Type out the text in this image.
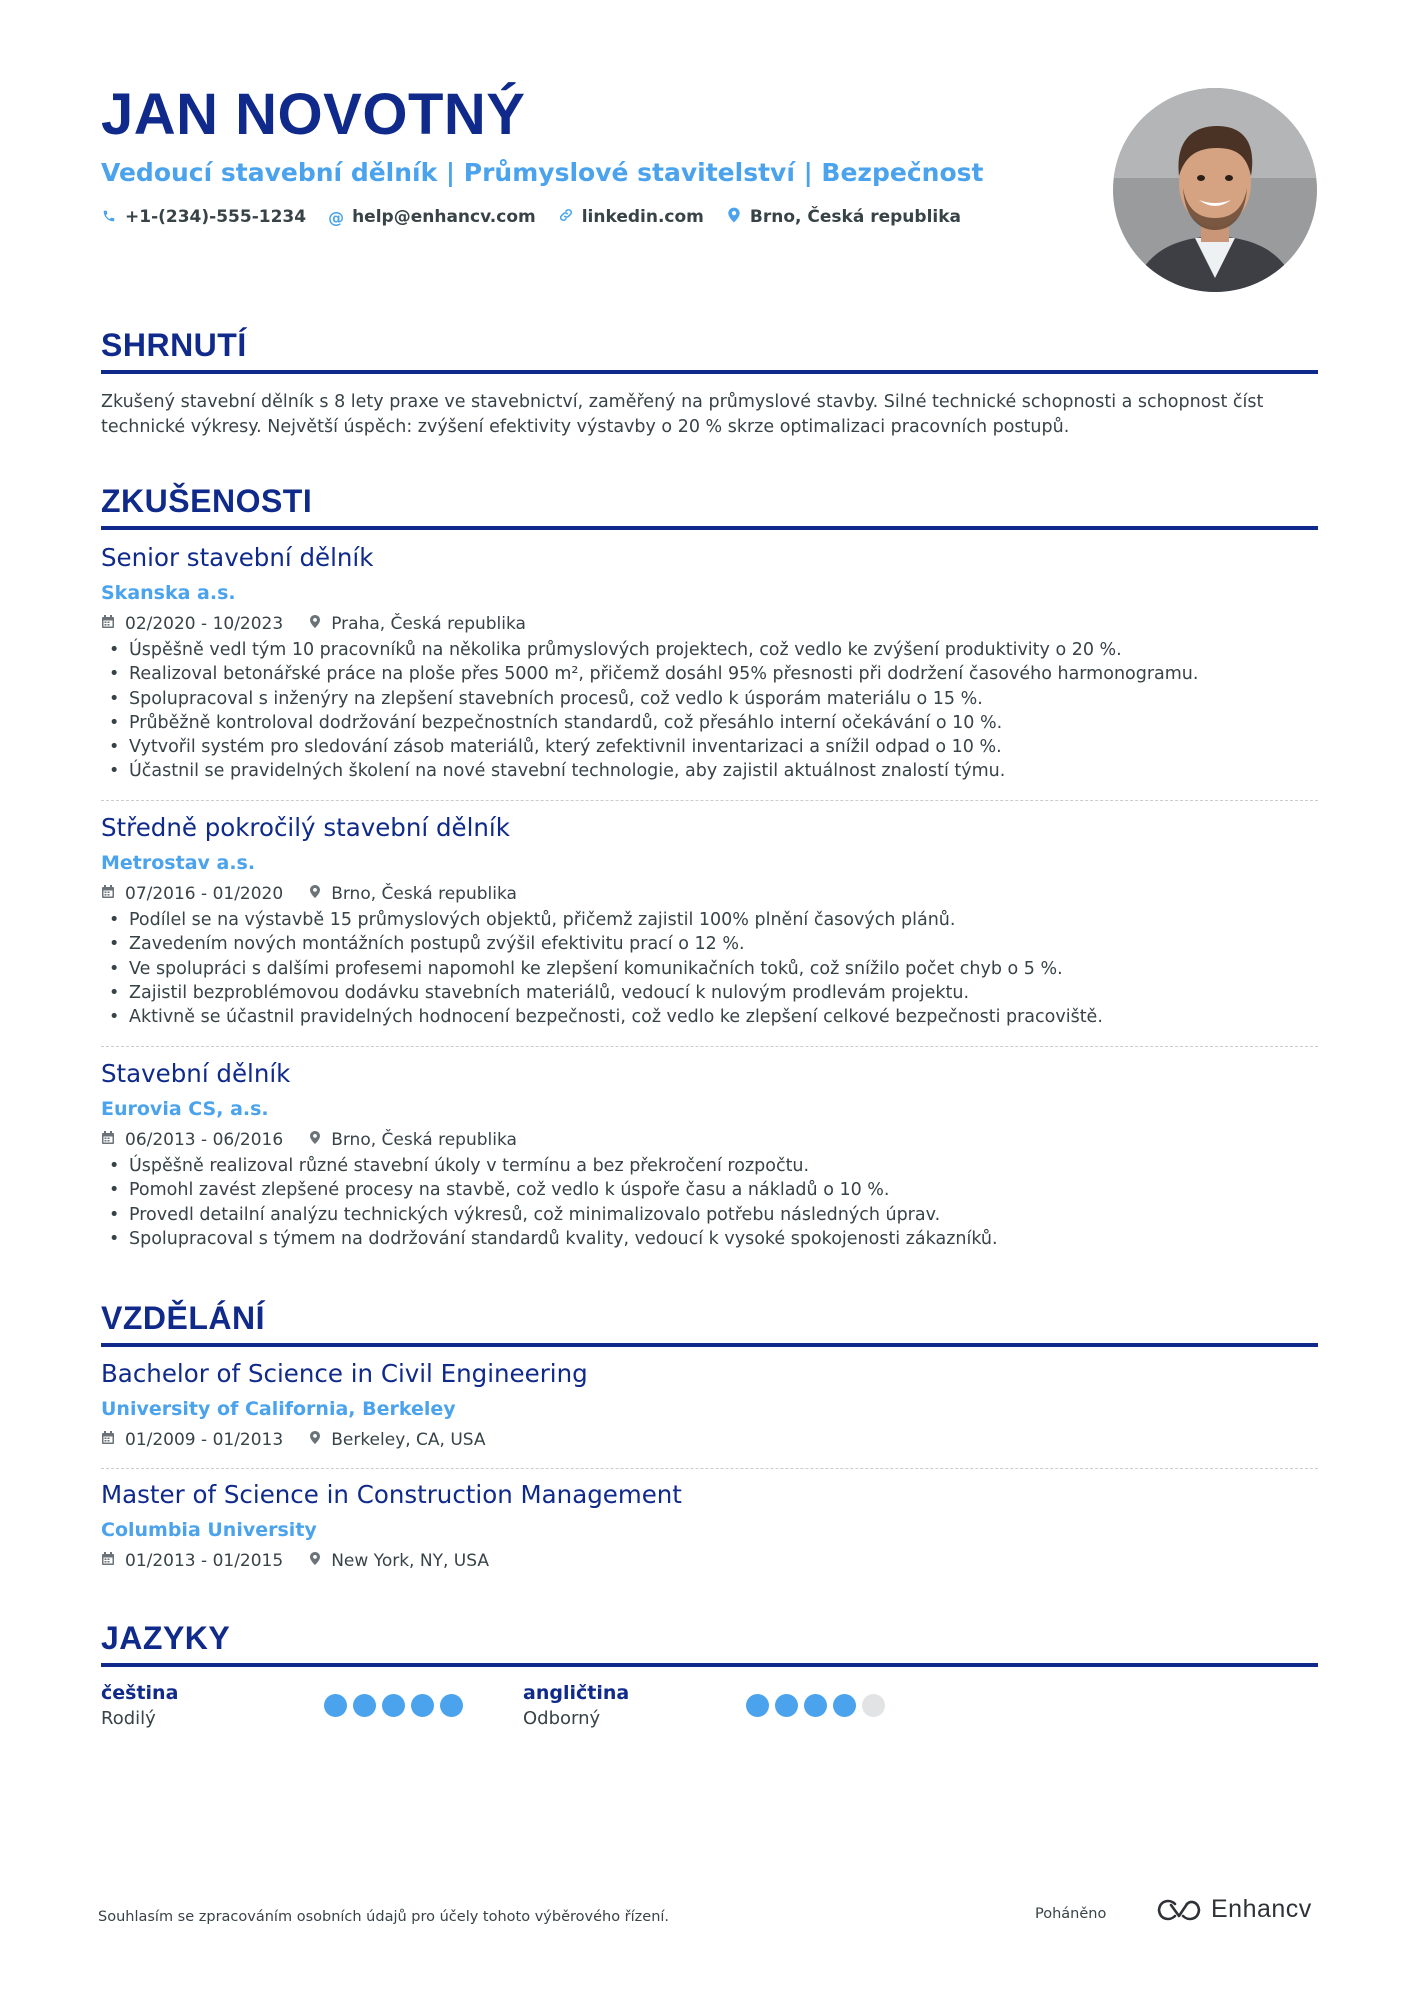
JAN NOVOTNÝ
Vedoucí stavební dělník | Průmyslové stavitelství | Bezpečnost
+1-(234)-555-1234 @ help@enhancv.com	linkedin.com	Brno, Česká republika
SHRNUTÍ
Zkušený stavební dělník s 8 lety praxe ve stavebnictví, zaměřený na průmyslové stavby. Silné technické schopnosti a schopnost číst technické výkresy. Největší úspěch: zvýšení efektivity výstavby o 20 % skrze optimalizaci pracovních postupů.
ZKUŠENOSTI
Senior stavební dělník
Skanska a.s.
02/2020 - 10/2023	Praha, Česká republika
• Úspěšně vedl tým 10 pracovníků na několika průmyslových projektech, což vedlo ke zvýšení produktivity o 20 %.
• Realizoval betonářské práce na ploše přes 5000 m², přičemž dosáhl 95% přesnosti při dodržení časového harmonogramu.
• Spolupracoval s inženýry na zlepšení stavebních procesů, což vedlo k úsporám materiálu o 15 %.
• Průběžně kontroloval dodržování bezpečnostních standardů, což přesáhlo interní očekávání o 10 %.
• Vytvořil systém pro sledování zásob materiálů, který zefektivnil inventarizaci a snížil odpad o 10 %.
• Účastnil se pravidelných školení na nové stavební technologie, aby zajistil aktuálnost znalostí týmu.
Středně pokročilý stavební dělník
Metrostav a.s.
07/2016 - 01/2020	Brno, Česká republika
• Podílel se na výstavbě 15 průmyslových objektů, přičemž zajistil 100% plnění časových plánů.
• Zavedením nových montážních postupů zvýšil efektivitu prací o 12 %.
• Ve spolupráci s dalšími profesemi napomohl ke zlepšení komunikačních toků, což snížilo počet chyb o 5 %.
• Zajistil bezproblémovou dodávku stavebních materiálů, vedoucí k nulovým prodlevám projektu.
• Aktivně se účastnil pravidelných hodnocení bezpečnosti, což vedlo ke zlepšení celkové bezpečnosti pracoviště.
Stavební dělník
Eurovia CS, a.s.
06/2013 - 06/2016	Brno, Česká republika
• Úspěšně realizoval různé stavební úkoly v termínu a bez překročení rozpočtu.
• Pomohl zavést zlepšené procesy na stavbě, což vedlo k úspoře času a nákladů o 10 %.
• Provedl detailní analýzu technických výkresů, což minimalizovalo potřebu následných úprav.
• Spolupracoval s týmem na dodržování standardů kvality, vedoucí k vysoké spokojenosti zákazníků.
VZDĚLÁNÍ
Bachelor of Science in Civil Engineering
University of California, Berkeley
01/2009 - 01/2013	Berkeley, CA, USA
Master of Science in Construction Management
Columbia University
01/2013 - 01/2015	New York, NY, USA
JAZYKY
čeština
Rodilý
angličtina
Odborný
Souhlasím se zpracováním osobních údajů pro účely tohoto výběrového řízení.	Poháněno	Enhancv
